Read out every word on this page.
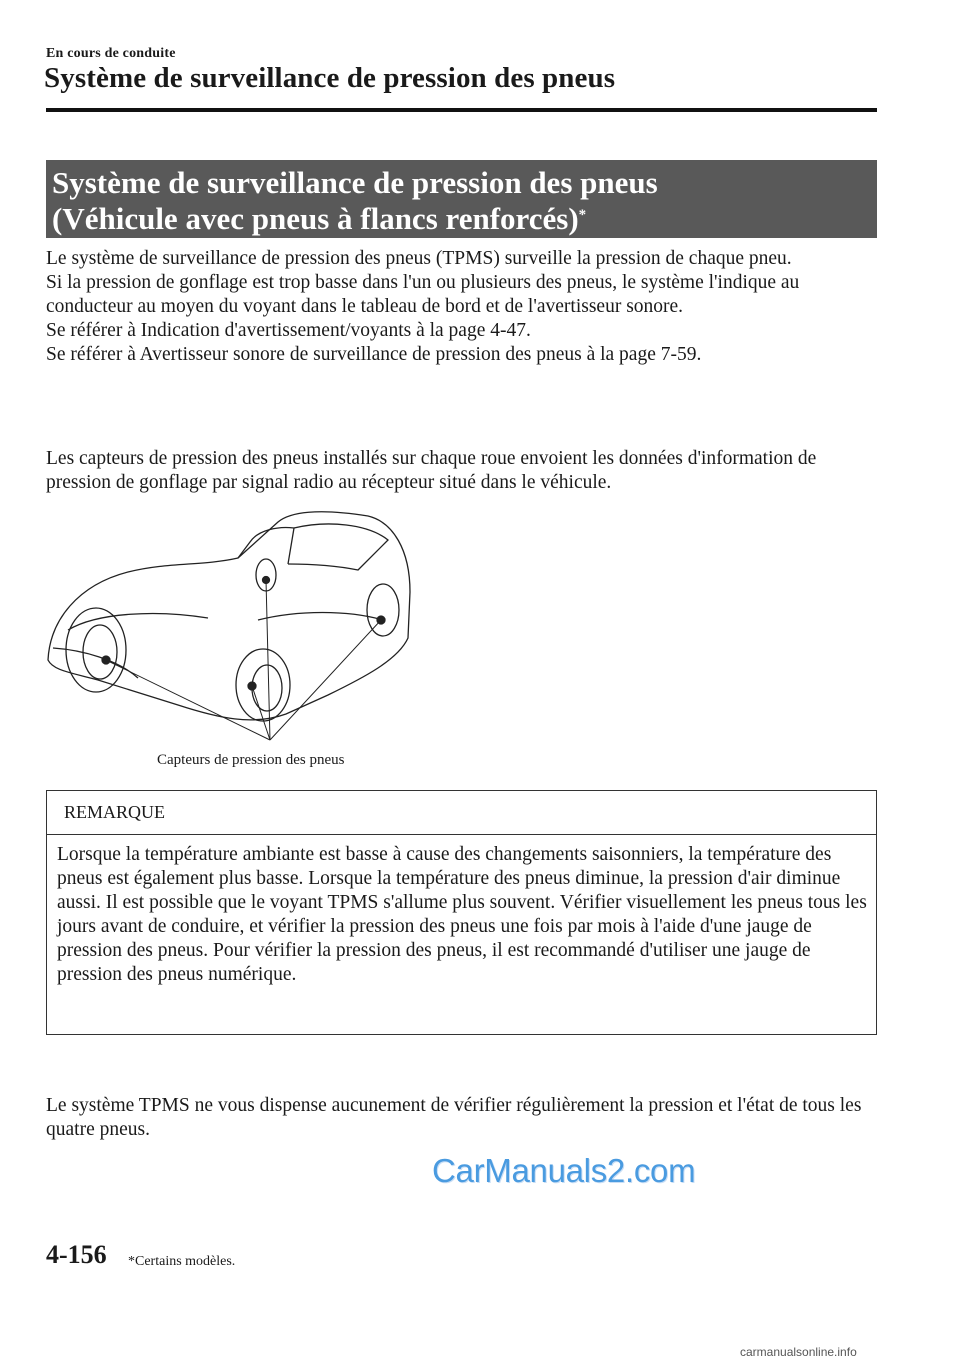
En cours de conduite
Système de surveillance de pression des pneus
Système de surveillance de pression des pneus
(Véhicule avec pneus à flancs renforcés)*

Le système de surveillance de pression des pneus (TPMS) surveille la pression de chaque pneu.

Si la pression de gonflage est trop basse dans l'un ou plusieurs des pneus, le système l'indique au conducteur au moyen du voyant dans le tableau de bord et de l'avertisseur sonore.

Se référer à Indication d'avertissement/voyants à la page 4-47.

Se référer à Avertisseur sonore de surveillance de pression des pneus à la page 7-59.

Les capteurs de pression des pneus installés sur chaque roue envoient les données d'information de pression de gonflage par signal radio au récepteur situé dans le véhicule.
Capteurs de pression des pneus
REMARQUE
Lorsque la température ambiante est basse à cause des changements saisonniers, la température des pneus est également plus basse. Lorsque la température des pneus diminue, la pression d'air diminue aussi. Il est possible que le voyant TPMS s'allume plus souvent. Vérifier visuellement les pneus tous les jours avant de conduire, et vérifier la pression des pneus une fois par mois à l'aide d'une jauge de pression des pneus. Pour vérifier la pression des pneus, il est recommandé d'utiliser une jauge de pression des pneus numérique.
Le système TPMS ne vous dispense aucunement de vérifier régulièrement la pression et l'état de tous les quatre pneus.
CarManuals2.com
4-156 *Certains modèles.
carmanualsonline.info
